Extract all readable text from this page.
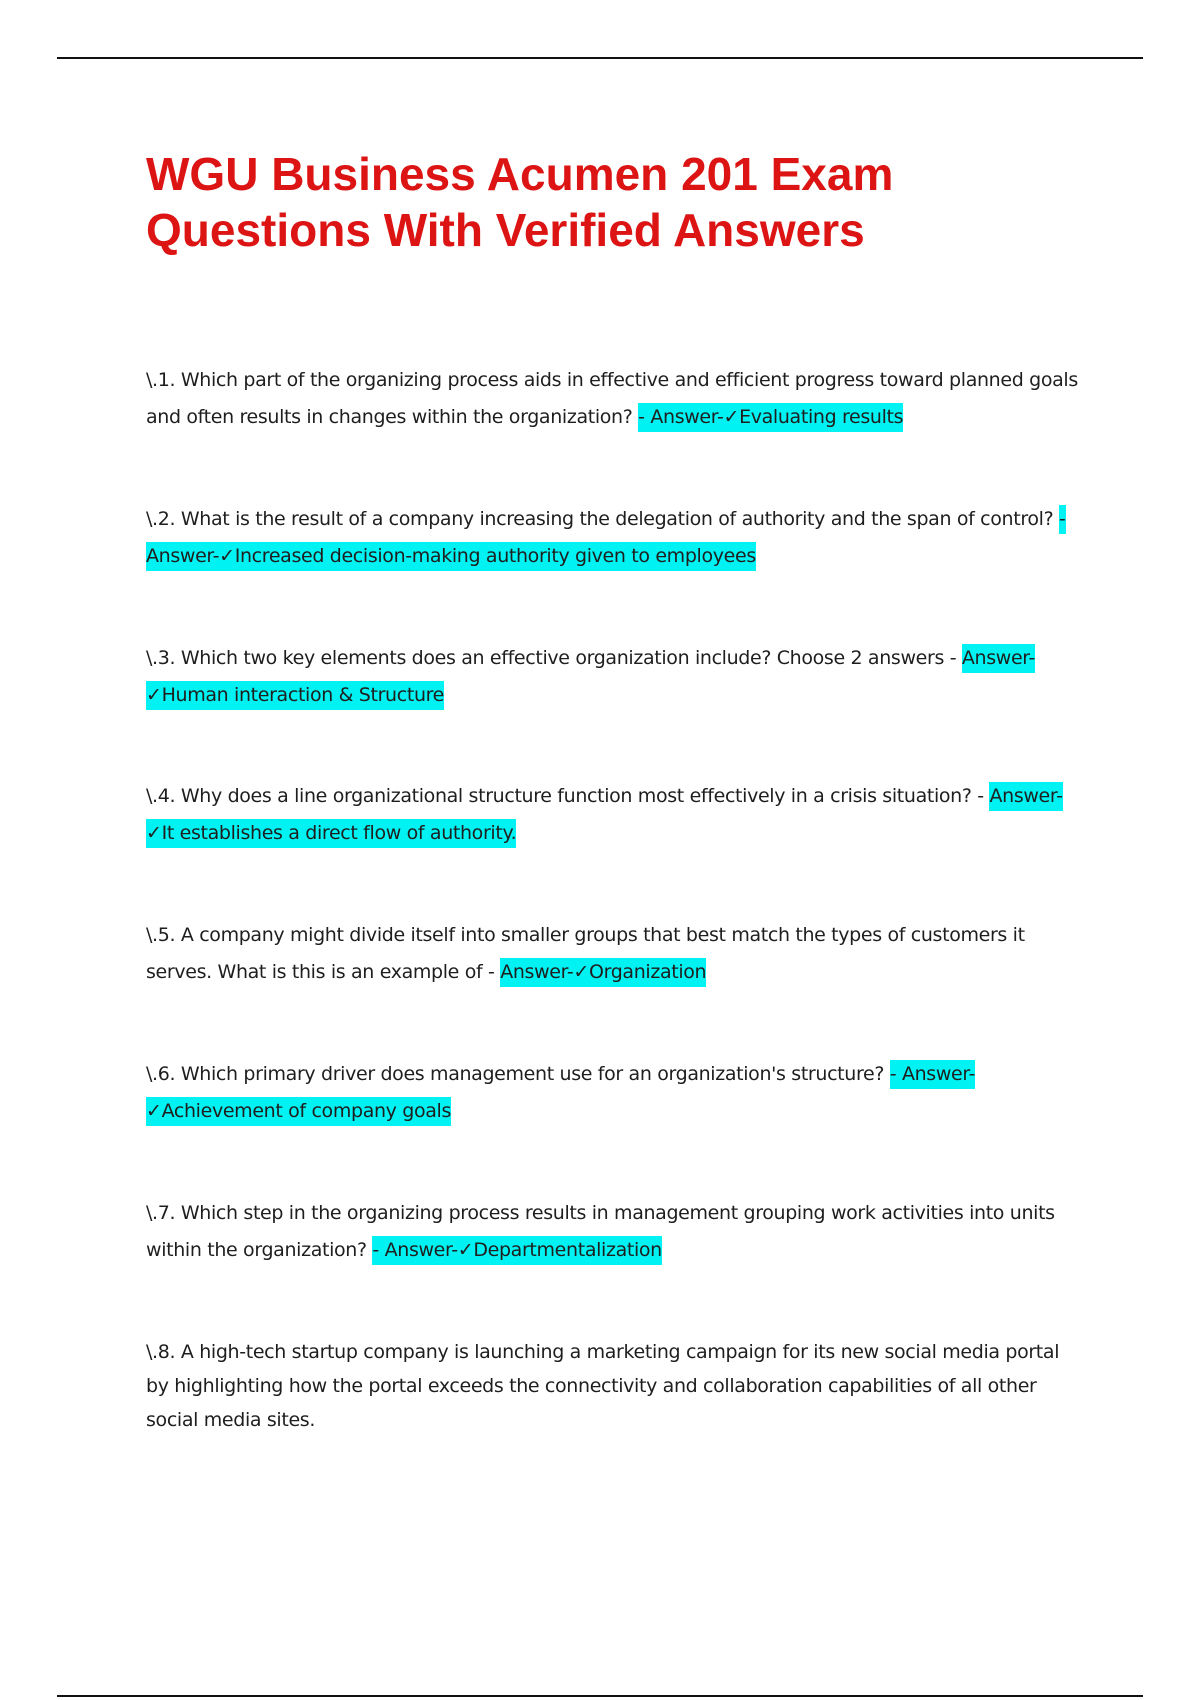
WGU Business Acumen 201 Exam
Questions With Verified Answers

\.1. Which part of the organizing process aids in effective and efficient progress toward planned goals and often results in changes within the organization? - Answer-✓Evaluating results

\.2. What is the result of a company increasing the delegation of authority and the span of control? - Answer-✓Increased decision-making authority given to employees

\.3. Which two key elements does an effective organization include? Choose 2 answers - Answer-✓Human interaction & Structure

\.4. Why does a line organizational structure function most effectively in a crisis situation? - Answer-✓It establishes a direct flow of authority.

\.5. A company might divide itself into smaller groups that best match the types of customers it serves. What is this is an example of - Answer-✓Organization

\.6. Which primary driver does management use for an organization's structure? - Answer-✓Achievement of company goals

\.7. Which step in the organizing process results in management grouping work activities into units within the organization? - Answer-✓Departmentalization

\.8. A high-tech startup company is launching a marketing campaign for its new social media portal by highlighting how the portal exceeds the connectivity and collaboration capabilities of all other social media sites.
